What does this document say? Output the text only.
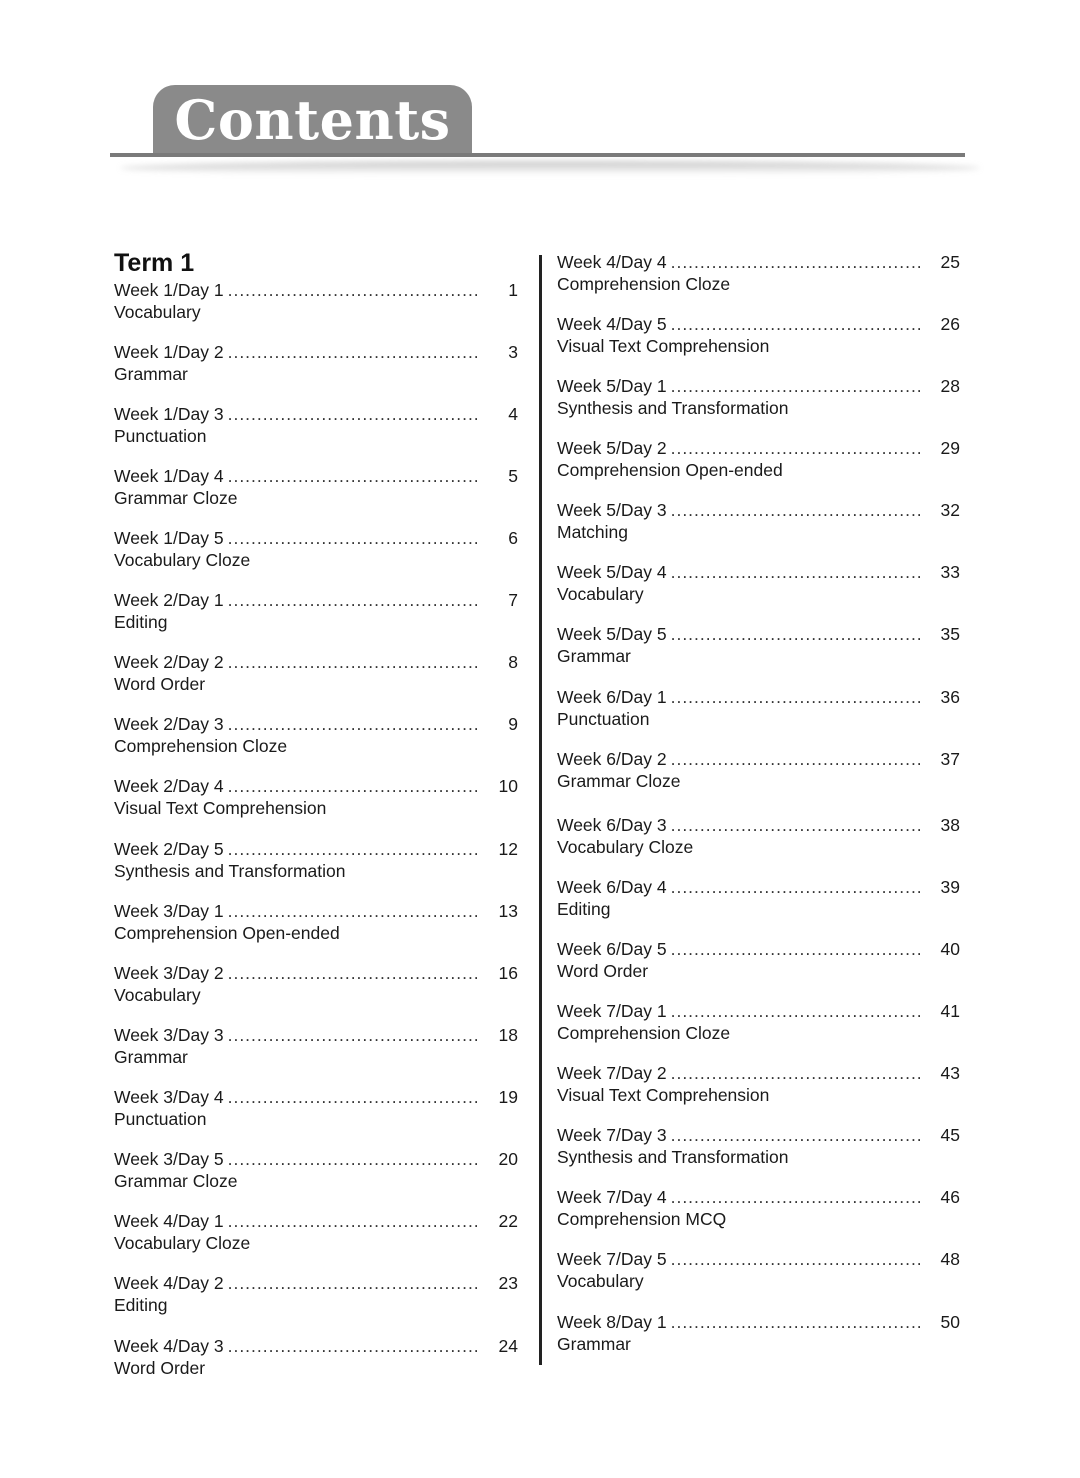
Contents
Term 1
Week 1/Day 1 .....	1
Vocabulary
Week 1/Day 2 .....	3
Grammar
Week 1/Day 3 .....	4
Punctuation
Week 1/Day 4 .....	5
Grammar Cloze
Week 1/Day 5 .....	6
Vocabulary Cloze
Week 2/Day 1 .....	7
Editing
Week 2/Day 2 .....	8
Word Order
Week 2/Day 3 .....	9
Comprehension Cloze
Week 2/Day 4 .....	10
Visual Text Comprehension
Week 2/Day 5 .....	12
Synthesis and Transformation
Week 3/Day 1 .....	13
Comprehension Open-ended
Week 3/Day 2 .....	16
Vocabulary
Week 3/Day 3 .....	18
Grammar
Week 3/Day 4 .....	19
Punctuation
Week 3/Day 5 .....	20
Grammar Cloze
Week 4/Day 1 .....	22
Vocabulary Cloze
Week 4/Day 2 .....	23
Editing
Week 4/Day 3 .....	24
Word Order
Week 4/Day 4 .....	25
Comprehension Cloze
Week 4/Day 5 .....	26
Visual Text Comprehension
Week 5/Day 1 .....	28
Synthesis and Transformation
Week 5/Day 2 .....	29
Comprehension Open-ended
Week 5/Day 3 .....	32
Matching
Week 5/Day 4 .....	33
Vocabulary
Week 5/Day 5 .....	35
Grammar
Week 6/Day 1 .....	36
Punctuation
Week 6/Day 2 .....	37
Grammar Cloze
Week 6/Day 3 .....	38
Vocabulary Cloze
Week 6/Day 4 .....	39
Editing
Week 6/Day 5 .....	40
Word Order
Week 7/Day 1 .....	41
Comprehension Cloze
Week 7/Day 2 .....	43
Visual Text Comprehension
Week 7/Day 3 .....	45
Synthesis and Transformation
Week 7/Day 4 .....	46
Comprehension MCQ
Week 7/Day 5 .....	48
Vocabulary
Week 8/Day 1 .....	50
Grammar
